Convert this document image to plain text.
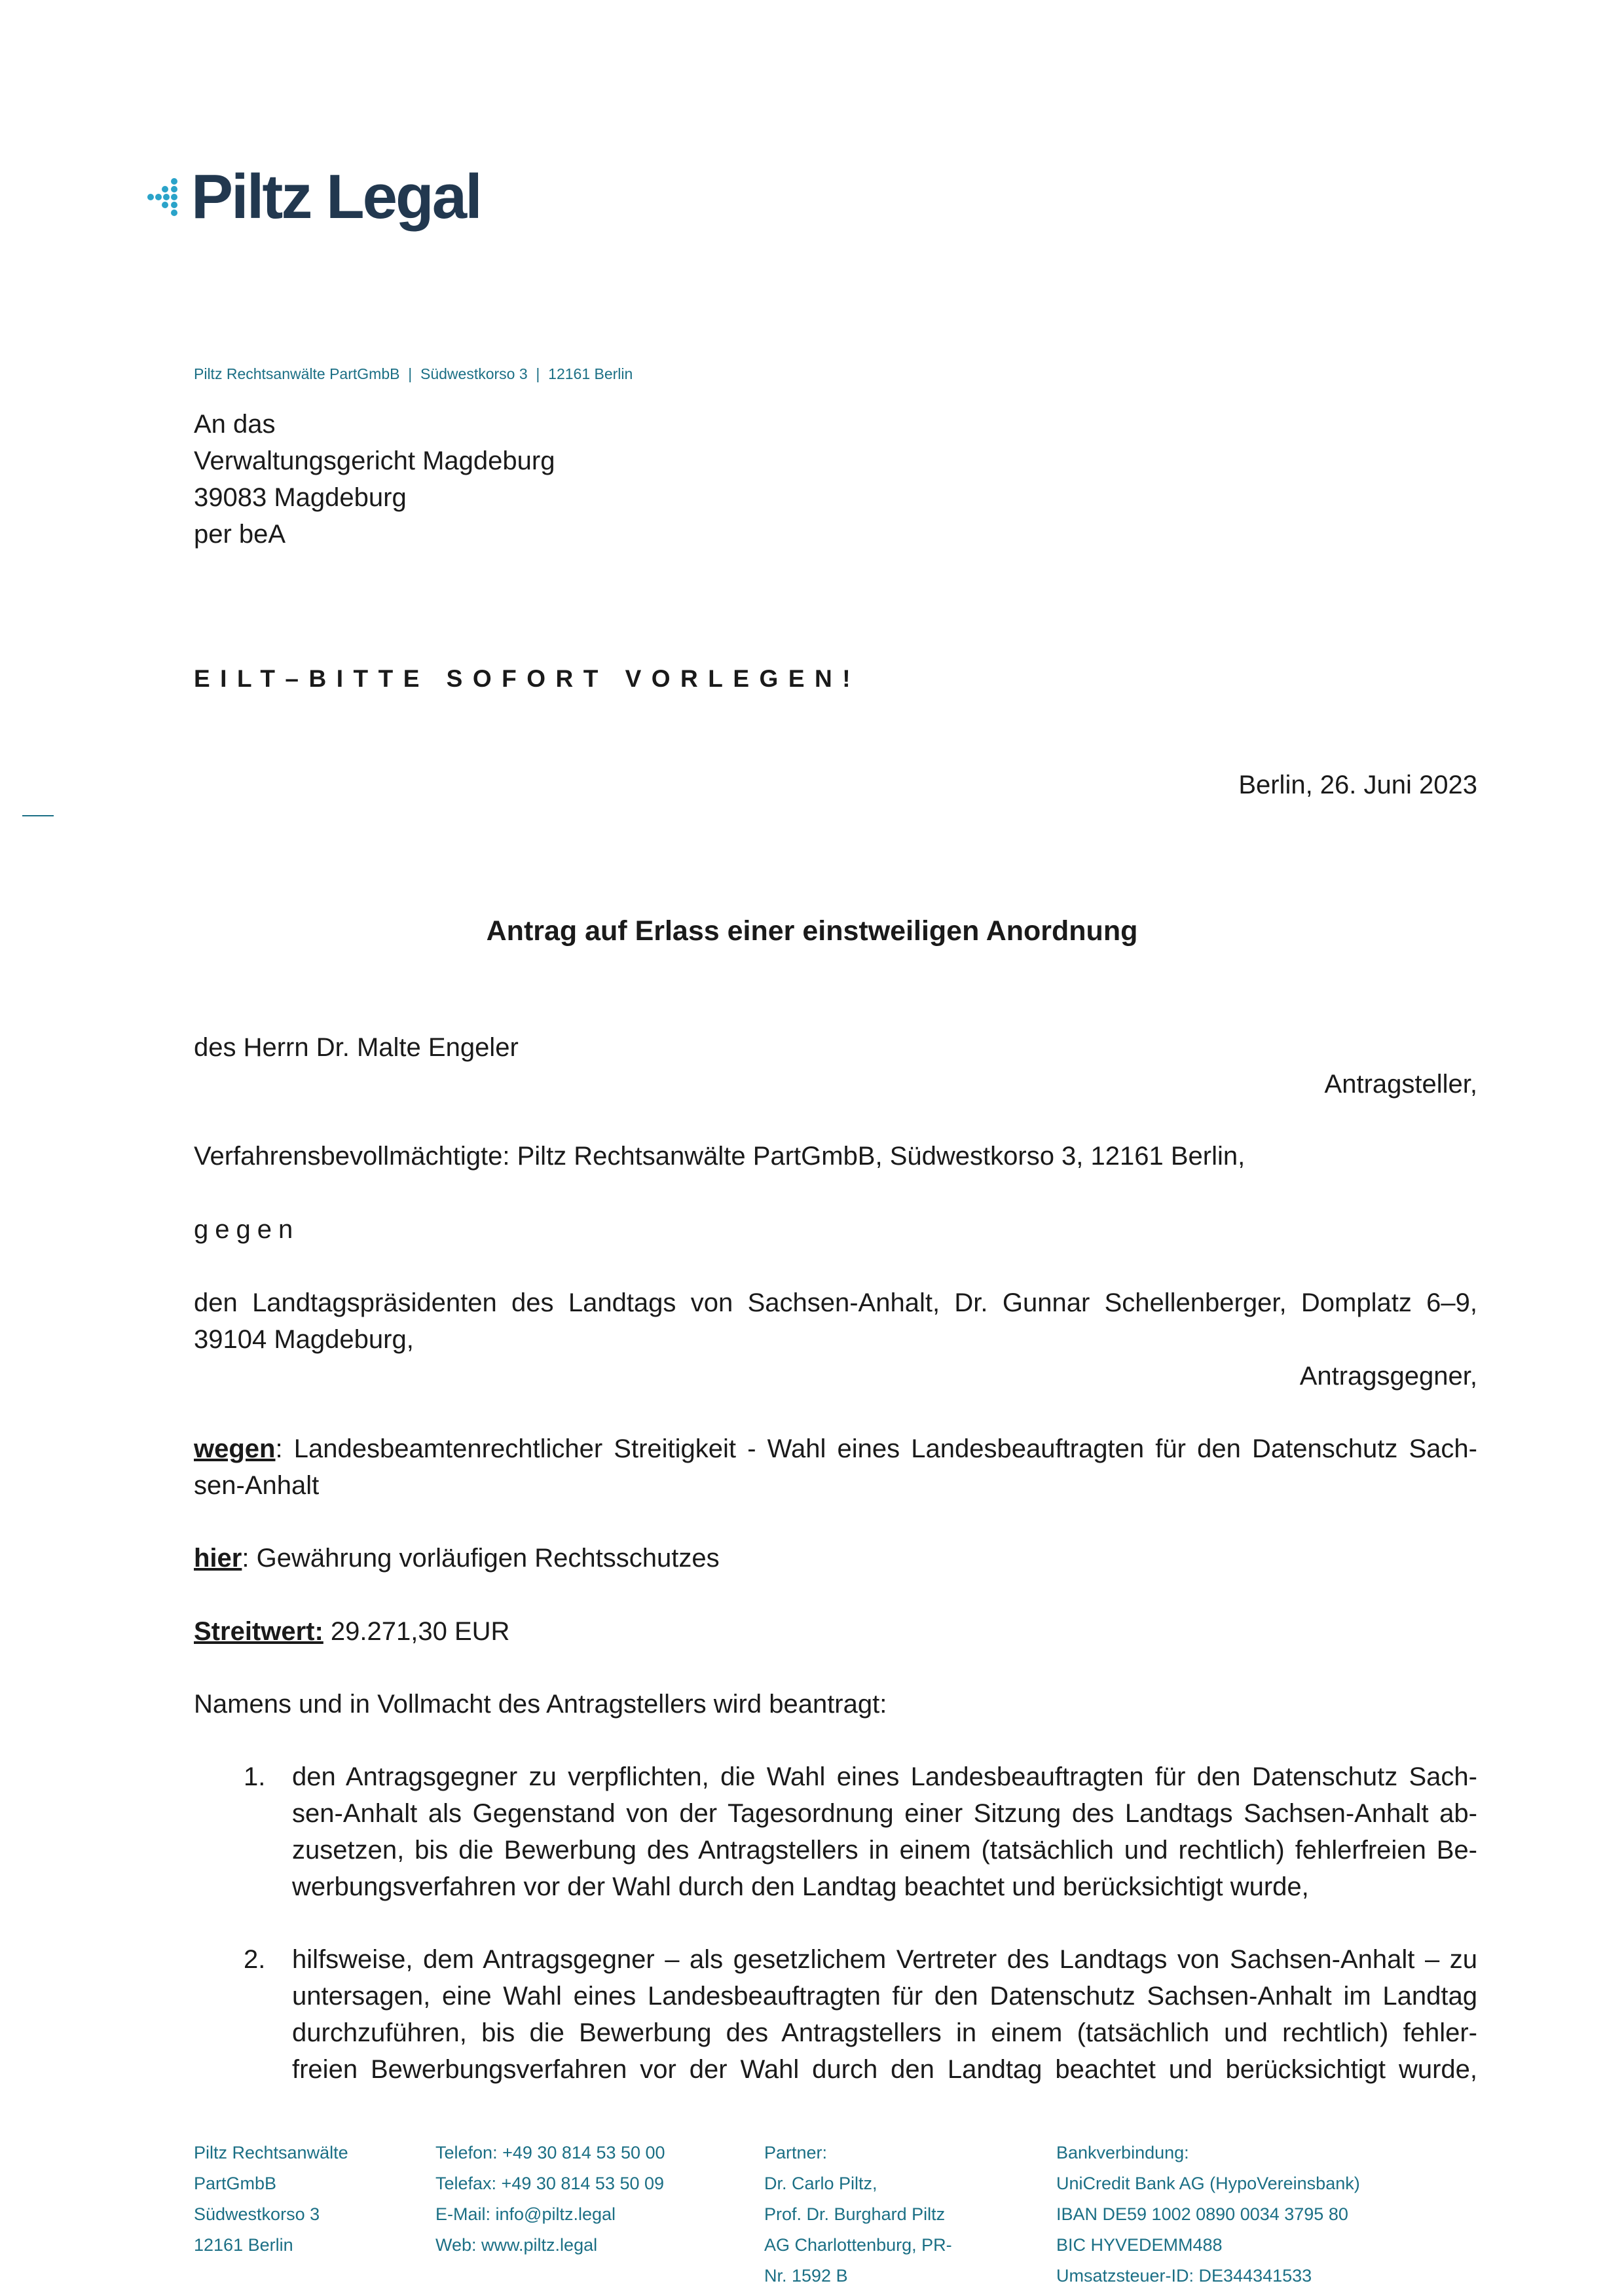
Piltz Legal
Piltz Rechtsanwälte PartGmbB  |  Südwestkorso 3  |  12161 Berlin
An das
Verwaltungsgericht Magdeburg
39083 Magdeburg
per beA
EILT–BITTE SOFORT VORLEGEN!
Berlin, 26. Juni 2023
Antrag auf Erlass einer einstweiligen Anordnung
des Herrn Dr. Malte Engeler
Antragsteller,
Verfahrensbevollmächtigte: Piltz Rechtsanwälte PartGmbB, Südwestkorso 3, 12161 Berlin,
gegen
den Landtagspräsidenten des Landtags von Sachsen-Anhalt, Dr. Gunnar Schellenberger, Domplatz 6–9,
39104 Magdeburg,
Antragsgegner,
wegen: Landesbeamtenrechtlicher Streitigkeit - Wahl eines Landesbeauftragten für den Datenschutz Sach-
sen-Anhalt
hier: Gewährung vorläufigen Rechtsschutzes
Streitwert: 29.271,30 EUR
Namens und in Vollmacht des Antragstellers wird beantragt:
1. den Antragsgegner zu verpflichten, die Wahl eines Landesbeauftragten für den Datenschutz Sach-
sen-Anhalt als Gegenstand von der Tagesordnung einer Sitzung des Landtags Sachsen-Anhalt ab-
zusetzen, bis die Bewerbung des Antragstellers in einem (tatsächlich und rechtlich) fehlerfreien Be-
werbungsverfahren vor der Wahl durch den Landtag beachtet und berücksichtigt wurde,
2. hilfsweise, dem Antragsgegner – als gesetzlichem Vertreter des Landtags von Sachsen-Anhalt – zu
untersagen, eine Wahl eines Landesbeauftragten für den Datenschutz Sachsen-Anhalt im Landtag
durchzuführen, bis die Bewerbung des Antragstellers in einem (tatsächlich und rechtlich) fehler-
freien Bewerbungsverfahren vor der Wahl durch den Landtag beachtet und berücksichtigt wurde,
Piltz Rechtsanwälte
PartGmbB
Südwestkorso 3
12161 Berlin
Telefon: +49 30 814 53 50 00
Telefax: +49 30 814 53 50 09
E-Mail: info@piltz.legal
Web: www.piltz.legal
Partner:
Dr. Carlo Piltz,
Prof. Dr. Burghard Piltz
AG Charlottenburg, PR-
Nr. 1592 B
Bankverbindung:
UniCredit Bank AG (HypoVereinsbank)
IBAN DE59 1002 0890 0034 3795 80
BIC HYVEDEMM488
Umsatzsteuer-ID: DE344341533
